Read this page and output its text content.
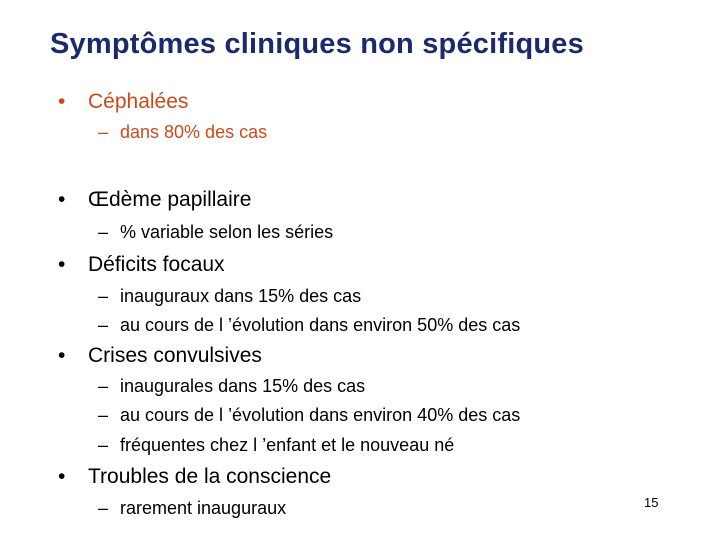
Symptômes cliniques non spécifiques
• Céphalées
– dans 80% des cas
• Œdème papillaire
– % variable selon les séries
• Déficits focaux
– inauguraux dans 15% des cas
– au cours de l ’évolution dans environ 50% des cas
• Crises convulsives
– inaugurales dans 15% des cas
– au cours de l ’évolution dans environ 40% des cas
– fréquentes chez l ’enfant et le nouveau né
• Troubles de la conscience
– rarement inauguraux	15
